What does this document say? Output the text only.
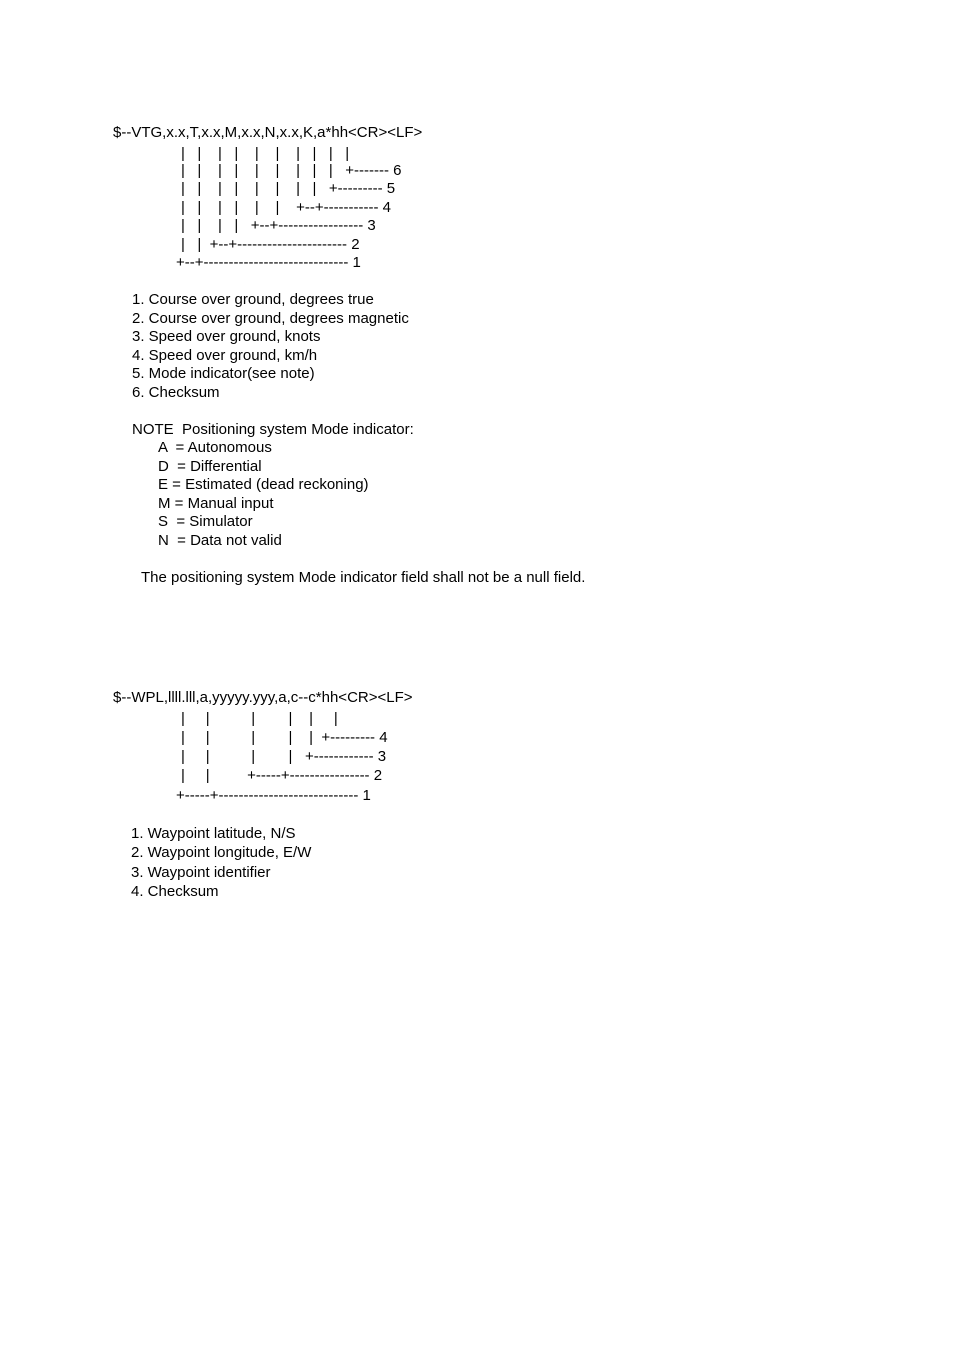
$--VTG,x.x,T,x.x,M,x.x,N,x.x,K,a*hh<CR><LF>
|   |    |   |    |    |    |   |   |   |
|   |    |   |    |    |    |   |   |   +------- 6
|   |    |   |    |    |    |   |   +--------- 5
|   |    |   |    |    |    +--+----------- 4
|   |    |   |   +--+----------------- 3
|   |  +--+---------------------- 2
+--+----------------------------- 1
1. Course over ground, degrees true
2. Course over ground, degrees magnetic
3. Speed over ground, knots
4. Speed over ground, km/h
5. Mode indicator(see note)
6. Checksum
NOTE  Positioning system Mode indicator:
A  = Autonomous
D  = Differential
E = Estimated (dead reckoning)
M = Manual input
S  = Simulator
N  = Data not valid
The positioning system Mode indicator field shall not be a null field.
$--WPL,llll.lll,a,yyyyy.yyy,a,c--c*hh<CR><LF>
|     |          |        |    |     |
|     |          |        |    |  +--------- 4
|     |          |        |   +------------ 3
|     |         +-----+---------------- 2
+-----+---------------------------- 1
1. Waypoint latitude, N/S
2. Waypoint longitude, E/W
3. Waypoint identifier
4. Checksum
